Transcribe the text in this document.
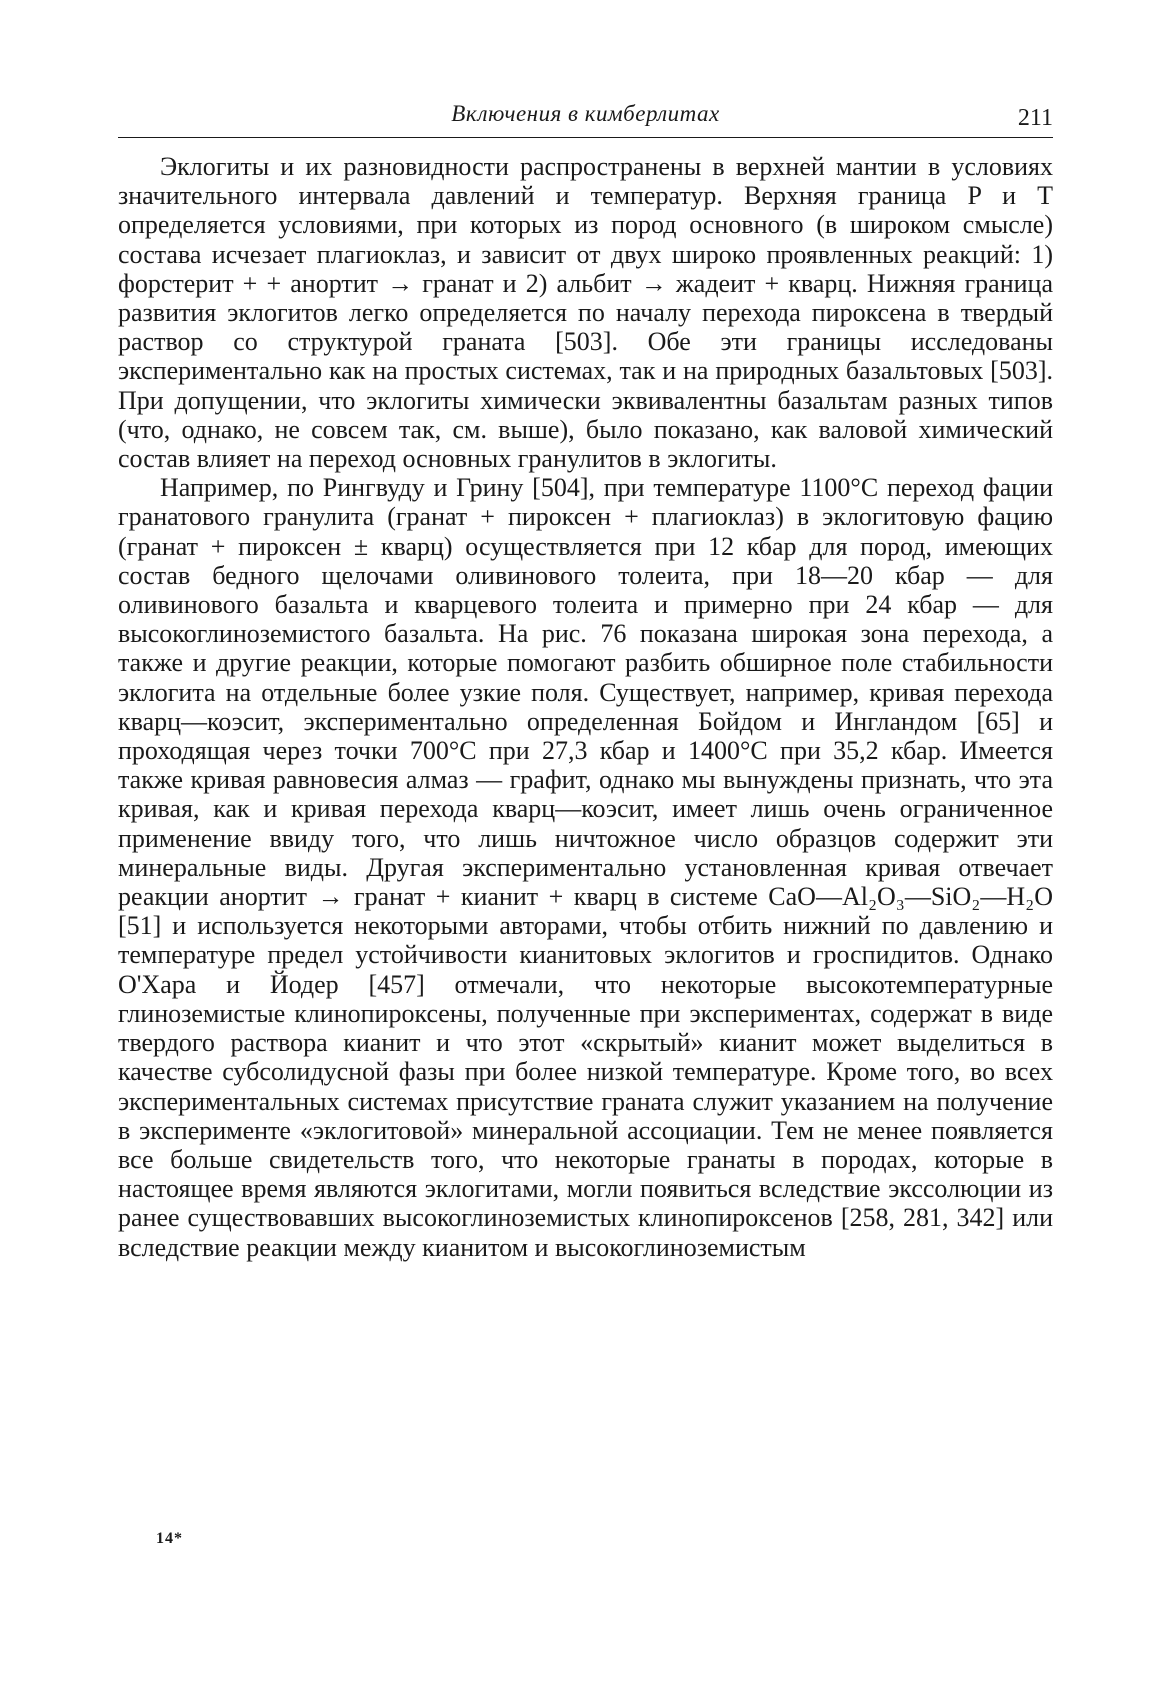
Включения в кимберлитах	211

Эклогиты и их разновидности распространены в верхней мантии в условиях значительного интервала давлений и температур. Верхняя граница P и T определяется условиями, при которых из пород основного (в широком смысле) состава исчезает плагиоклаз, и зависит от двух широко проявленных реакций: 1) форстерит + + анортит → гранат и 2) альбит → жадеит + кварц. Нижняя граница развития эклогитов легко определяется по началу перехода пироксена в твердый раствор со структурой граната [503]. Обе эти границы исследованы экспериментально как на простых системах, так и на природных базальтовых [503]. При допущении, что эклогиты химически эквивалентны базальтам разных типов (что, однако, не совсем так, см. выше), было показано, как валовой химический состав влияет на переход основных гранулитов в эклогиты.

Например, по Рингвуду и Грину [504], при температуре 1100°С переход фации гранатового гранулита (гранат + пироксен + плагиоклаз) в эклогитовую фацию (гранат + пироксен ± кварц) осуществляется при 12 кбар для пород, имеющих состав бедного щелочами оливинового толеита, при 18—20 кбар — для оливинового базальта и кварцевого толеита и примерно при 24 кбар — для высокоглиноземистого базальта. На рис. 76 показана широкая зона перехода, а также и другие реакции, которые помогают разбить обширное поле стабильности эклогита на отдельные более узкие поля. Существует, например, кривая перехода кварц—коэсит, экспериментально определенная Бойдом и Ингландом [65] и проходящая через точки 700°С при 27,3 кбар и 1400°С при 35,2 кбар. Имеется также кривая равновесия алмаз — графит, однако мы вынуждены признать, что эта кривая, как и кривая перехода кварц—коэсит, имеет лишь очень ограниченное применение ввиду того, что лишь ничтожное число образцов содержит эти минеральные виды. Другая экспериментально установленная кривая отвечает реакции анортит → гранат + кианит + кварц в системе CaO—Al₂O₃—SiO₂—H₂O [51] и используется некоторыми авторами, чтобы отбить нижний по давлению и температуре предел устойчивости кианитовых эклогитов и гроспидитов. Однако О'Хара и Йодер [457] отмечали, что некоторые высокотемпературные глиноземистые клинопироксены, полученные при экспериментах, содержат в виде твердого раствора кианит и что этот «скрытый» кианит может выделиться в качестве субсолидусной фазы при более низкой температуре. Кроме того, во всех экспериментальных системах присутствие граната служит указанием на получение в эксперименте «эклогитовой» минеральной ассоциации. Тем не менее появляется все больше свидетельств того, что некоторые гранаты в породах, которые в настоящее время являются эклогитами, могли появиться вследствие экссолюции из ранее существовавших высокоглиноземистых клинопироксенов [258, 281, 342] или вследствие реакции между кианитом и высокоглиноземистым

14*
